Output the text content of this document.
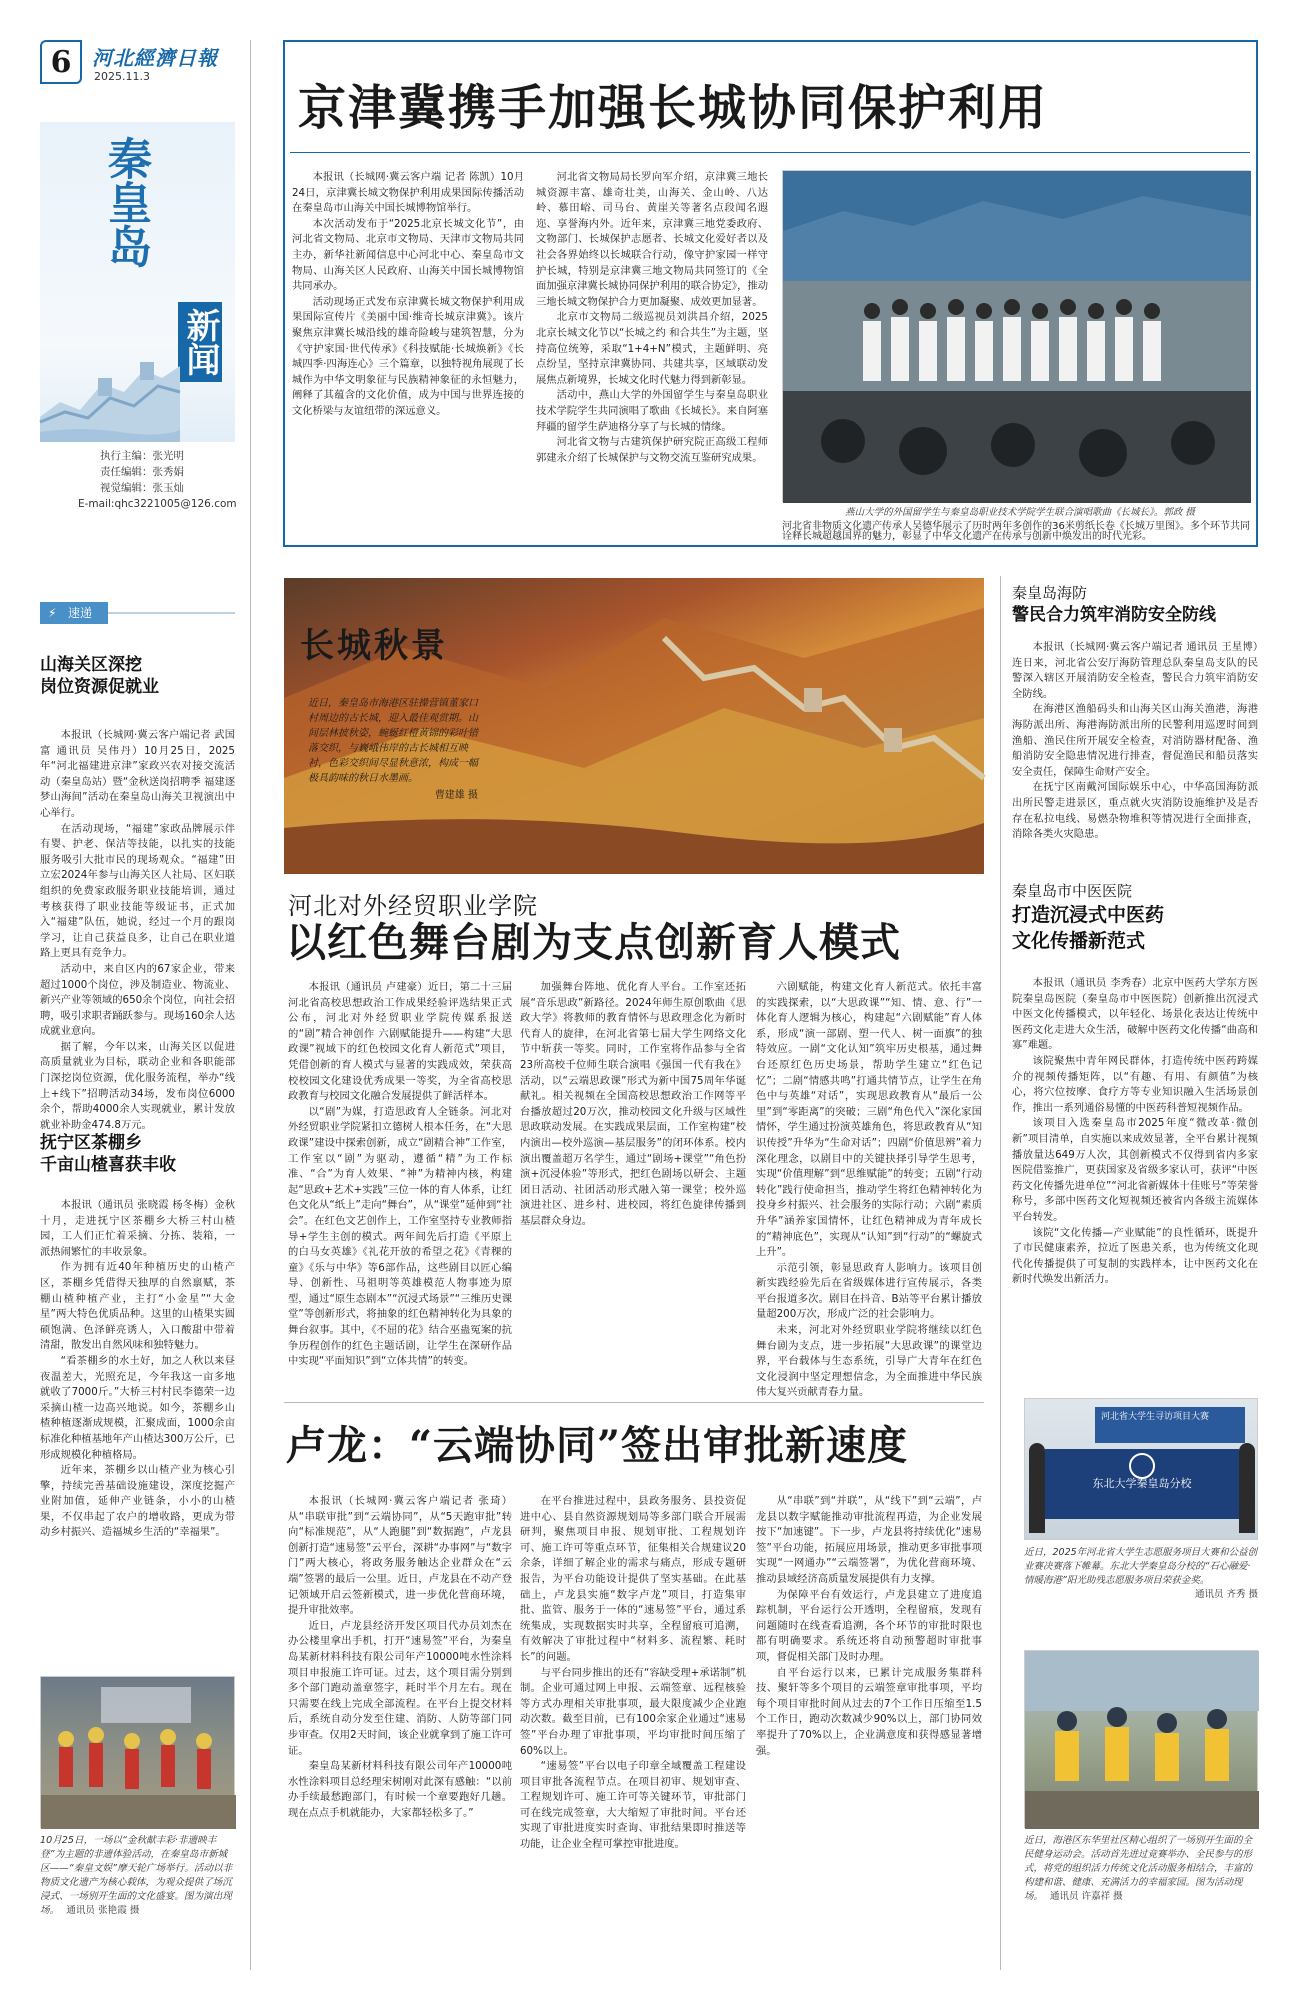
6	河北經濟日報
2025.11.3
秦皇岛
新闻
执行主编：张光明
责任编辑：张秀娟
视觉编辑：张玉灿
E-mail:qhc3221005@126.com
速递
⚡
山海关区深挖
岗位资源促就业

本报讯（长城网·冀云客户端记者 武国富 通讯员 吴伟丹）10月25日，2025年“河北福建进京津”家政兴农对接交流活动（秦皇岛站）暨“金秋送岗招聘季 福建逐梦山海间”活动在秦皇岛山海关卫视演出中心举行。

在活动现场，“福建”家政品牌展示伴有婴、护老、保洁等技能，以扎实的技能服务吸引大批市民的现场观众。“福建”田立宏2024年参与山海关区人社局、区妇联组织的免费家政服务职业技能培训，通过考核获得了职业技能等级证书，正式加入“福建”队伍，她说，经过一个月的跟岗学习，让自己获益良多，让自己在职业道路上更具有竞争力。

活动中，来自区内的67家企业，带来超过1000个岗位，涉及制造业、物流业、新兴产业等领域的650余个岗位，向社会招聘，吸引求职者踊跃参与。现场160余人达成就业意向。

据了解，今年以来，山海关区以促进高质量就业为目标，联动企业和各职能部门深挖岗位资源，优化服务流程，举办“线上+线下”招聘活动34场，发布岗位6000余个，帮助4000余人实现就业，累计发放就业补助金474.8万元。

抚宁区茶棚乡
千亩山楂喜获丰收

本报讯（通讯员 张晓霞 杨冬梅）金秋十月，走进抚宁区茶棚乡大桥三村山楂园，工人们正忙着采摘、分拣、装箱，一派热闹繁忙的丰收景象。

作为拥有近40年种植历史的山楂产区，茶棚乡凭借得天独厚的自然禀赋，茶棚山楂种植产业，主打“小金星”“大金星”两大特色优质品种。这里的山楂果实圆硕饱满、色泽鲜亮诱人，入口酸甜中带着清甜，散发出自然风味和独特魅力。

“看茶棚乡的水土好，加之人秋以来昼夜温差大，光照充足，今年我这一亩多地就收了7000斤。”大桥三村村民李德荣一边采摘山楂一边高兴地说。如今，茶棚乡山楂种植逐渐成规模，汇聚成面，1000余亩标准化种植基地年产山楂达300万公斤，已形成规模化种植格局。

近年来，茶棚乡以山楂产业为核心引擎，持续完善基础设施建设，深度挖掘产业附加值，延伸产业链条，小小的山楂果，不仅串起了农户的增收路，更成为带动乡村振兴、造福城乡生活的“幸福果”。

10月25日，一场以“金秋献丰彩·非遗映丰登”为主题的非遗体验活动，在秦皇岛市新城区——“秦皇文娱”摩天轮广场举行。活动以非物质文化遗产为核心载体，为观众提供了场沉浸式、一场别开生面的文化盛宴。图为演出现场。 通讯员 张艳霞 摄
京津冀携手加强长城协同保护利用

本报讯（长城网·冀云客户端 记者 陈凯）10月24日，京津冀长城文物保护利用成果国际传播活动在秦皇岛市山海关中国长城博物馆举行。

本次活动发布于“2025北京长城文化节”，由河北省文物局、北京市文物局、天津市文物局共同主办，新华社新闻信息中心河北中心、秦皇岛市文物局、山海关区人民政府、山海关中国长城博物馆共同承办。

活动现场正式发布京津冀长城文物保护利用成果国际宣传片《美丽中国·维奇长城京津冀》。该片聚焦京津冀长城沿线的雄奇险峻与建筑智慧，分为《守护家国·世代传承》《科技赋能·长城焕新》《长城四季·四海连心》三个篇章，以独特视角展现了长城作为中华文明象征与民族精神象征的永恒魅力，阐释了其蕴含的文化价值，成为中国与世界连接的文化桥梁与友谊纽带的深远意义。

河北省文物局局长罗向军介绍，京津冀三地长城资源丰富、雄奇壮美，山海关、金山岭、八达岭、慕田峪、司马台、黄崖关等著名点段闻名遐迩、享誉海内外。近年来，京津冀三地党委政府、文物部门、长城保护志愿者、长城文化爱好者以及社会各界始终以长城联合行动，像守护家园一样守护长城，特别是京津冀三地文物局共同签订的《全面加强京津冀长城协同保护利用的联合协定》，推动三地长城文物保护合力更加凝聚、成效更加显著。

北京市文物局二级巡视员刘洪昌介绍，2025北京长城文化节以“长城之约 和合共生”为主题，坚持高位统筹，采取“1+4+N”模式，主题鲜明、亮点纷呈，坚持京津冀协同、共建共享，区域联动发展焦点新境界，长城文化时代魅力得到新彰显。

活动中，燕山大学的外国留学生与秦皇岛职业技术学院学生共同演唱了歌曲《长城长》。来自阿塞拜疆的留学生萨迪格分享了与长城的情缘。

河北省文物与古建筑保护研究院正高级工程师郭建永介绍了长城保护与文物交流互鉴研究成果。

燕山大学的外国留学生与秦皇岛职业技术学院学生联合演唱歌曲《长城长》。郭政 摄
河北省非物质文化遗产传承人吴德华展示了历时两年多创作的36米剪纸长卷《长城万里图》。多个环节共同诠释长城超越国界的魅力，彰显了中华文化遗产在传承与创新中焕发出的时代光彩。
长城秋景
近日，秦皇岛市海港区驻操营镇董家口村周边的古长城，迎入最佳观赏期。山间层林披秋姿，蜿蜒红橙黄锦的彩叶错落交织，与巍峨伟岸的古长城相互映衬，色彩交织间尽显秋意浓，构成一幅极具韵味的秋日水墨画。
曹建雄 摄
河北对外经贸职业学院
以红色舞台剧为支点创新育人模式

本报讯（通讯员 卢建豪）近日，第二十三届河北省高校思想政治工作成果经验评选结果正式公布，河北对外经贸职业学院传媒系报送的“剧”精合神创作 六剧赋能提升——构建“大思政课”视域下的红色校园文化育人新范式”项目，凭借创新的育人模式与显著的实践成效，荣获高校校园文化建设优秀成果一等奖，为全省高校思政教育与校园文化融合发展提供了鲜活样本。

以“剧”为媒，打造思政育人全链条。河北对外经贸职业学院紧扣立德树人根本任务，在“大思政课”建设中探索创新，成立“剧精合神”工作室，工作室以“剧”为驱动，遵循“精”为工作标准、“合”为育人效果、“神”为精神内核，构建起“思政+艺术+实践”三位一体的育人体系，让红色文化从“纸上”走向“舞台”，从“课堂”延伸到“社会”。在红色文艺创作上，工作室坚持专业教师指导+学生主创的模式。两年间先后打造《平原上的白马女英雄》《礼花开放的希望之花》《青稞的童》《乐与中华》等6部作品，这些剧目以匠心编导、创新性、马祖明等英雄模范人物事迹为原型，通过“原生态剧本”“沉浸式场景”“三维历史课堂”等创新形式，将抽象的红色精神转化为具象的舞台叙事。其中，《不屈的花》结合巫蛊冤案的抗争历程创作的红色主题话剧，让学生在深研作品中实现“平面知识”到“立体共情”的转变。

加强舞台阵地、优化育人平台。工作室还拓展“音乐思政”新路径。2024年师生原创歌曲《思政大学》将教师的教育情怀与思政理念化为新时代育人的旋律，在河北省第七届大学生网络文化节中斩获一等奖。同时，工作室将作品参与全省23所高校千位师生联合演唱《强国一代有我在》活动，以“云端思政课”形式为新中国75周年华诞献礼。相关视频在全国高校思想政治工作网等平台播放超过20万次，推动校园文化升级与区域性思政联动发展。在实践成果层面，工作室构建“校内演出—校外巡演—基层服务”的闭环体系。校内演出覆盖超万名学生，通过“剧场+课堂”“角色扮演+沉浸体验”等形式，把红色剧场以研会、主题团日活动、社团活动形式融入第一课堂；校外巡演进社区、进乡村、进校园，将红色旋律传播到基层群众身边。

六剧赋能，构建文化育人新范式。依托丰富的实践探索，以“大思政课”“知、情、意、行”一体化育人逻辑为核心，构建起“六剧赋能”育人体系，形成“演一部剧、塑一代人、树一面旗”的独特效应。一剧“文化认知”筑牢历史根基，通过舞台还原红色历史场景，帮助学生建立“红色记忆”；二剧“情感共鸣”打通共情节点，让学生在角色中与英雄“对话”，实现思政教育从“最后一公里”到“零距离”的突破；三剧“角色代入”深化家国情怀，学生通过扮演英雄角色，将思政教育从“知识传授”升华为“生命对话”；四剧“价值思辨”着力深化理念，以剧目中的关键抉择引导学生思考，实现“价值理解”到“思维赋能”的转变；五剧“行动转化”践行使命担当，推动学生将红色精神转化为投身乡村振兴、社会服务的实际行动；六剧“素质升华”涵养家国情怀，让红色精神成为青年成长的“精神底色”，实现从“认知”到“行动”的“螺旋式上升”。

示范引领，彰显思政育人影响力。该项目创新实践经验先后在省级媒体进行宣传展示，各类平台报道多次。剧目在抖音、B站等平台累计播放量超200万次，形成广泛的社会影响力。

未来，河北对外经贸职业学院将继续以红色舞台剧为支点，进一步拓展“大思政课”的课堂边界，平台载体与生态系统，引导广大青年在红色文化浸润中坚定理想信念，为全面推进中华民族伟大复兴贡献青春力量。

卢龙：“云端协同”签出审批新速度

本报讯（长城网·冀云客户端记者 张琦）从“串联审批”到“云端协同”，从“5天跑审批”转向“标准规范”，从“人跑腿”到“数据跑”，卢龙县创新打造“速易签”云平台，深耕“办事网”与“数字门”两大核心，将政务服务触达企业群众在“云端”签署的最后一公里。近日，卢龙县在不动产登记领域开启云签新模式，进一步优化营商环境，提升审批效率。

近日，卢龙县经济开发区项目代办员刘杰在办公楼里拿出手机，打开“速易签”平台，为秦皇岛某新材料科技有限公司年产10000吨水性涂料项目申报施工许可证。过去，这个项目需分别到多个部门跑动盖章签字，耗时半个月左右。现在只需要在线上完成全部流程。在平台上提交材料后，系统自动分发至住建、消防、人防等部门同步审查。仅用2天时间，该企业就拿到了施工许可证。

秦皇岛某新材料科技有限公司年产10000吨水性涂料项目总经理宋树刚对此深有感触：“以前办手续最愁跑部门，有时候一个章要跑好几趟。现在点点手机就能办，大家都轻松多了。”

在平台推进过程中，县政务服务、县投资促进中心、县自然资源规划局等多部门联合开展需研判，聚焦项目申报、规划审批、工程规划许可、施工许可等重点环节，征集相关合规建议20余条，详细了解企业的需求与痛点，形成专题研报告，为平台功能设计提供了坚实基础。在此基础上，卢龙县实施“数字卢龙”项目，打造集审批、监管、服务于一体的“速易签”平台，通过系统集成，实现数据实时共享，全程留痕可追溯，有效解决了审批过程中“材料多、流程繁、耗时长”的问题。

与平台同步推出的还有“容缺受理+承诺制”机制。企业可通过网上申报、云端签章、远程核验等方式办理相关审批事项，最大限度减少企业跑动次数。截至目前，已有100余家企业通过“速易签”平台办理了审批事项，平均审批时间压缩了60%以上。

“速易签”平台以电子印章全域覆盖工程建设项目审批各流程节点。在项目初审、规划审查、工程规划许可、施工许可等关键环节，审批部门可在线完成签章，大大缩短了审批时间。平台还实现了审批进度实时查询、审批结果即时推送等功能，让企业全程可掌控审批进度。

从“串联”到“并联”，从“线下”到“云端”，卢龙县以数字赋能推动审批流程再造，为企业发展按下“加速键”。下一步，卢龙县将持续优化“速易签”平台功能，拓展应用场景，推动更多审批事项实现“一网通办”“云端签署”，为优化营商环境、推动县域经济高质量发展提供有力支撑。

为保障平台有效运行，卢龙县建立了进度追踪机制，平台运行公开透明，全程留痕，发现有问题随时在线查看追溯，各个环节的审批时限也都有明确要求。系统还将自动预警超时审批事项，督促相关部门及时办理。

自平台运行以来，已累计完成服务集群科技、聚轩等多个项目的云端签章审批事项，平均每个项目审批时间从过去的7个工作日压缩至1.5个工作日，跑动次数减少90%以上，部门协同效率提升了70%以上，企业满意度和获得感显著增强。

秦皇岛海防
警民合力筑牢消防安全防线

本报讯（长城网·冀云客户端记者 通讯员 王星博）连日来，河北省公安厅海防管理总队秦皇岛支队的民警深入辖区开展消防安全检查，警民合力筑牢消防安全防线。

在海港区渔船码头和山海关区山海关渔港，海港海防派出所、海港海防派出所的民警利用巡逻时间到渔船、渔民住所开展安全检查，对消防器材配备、渔船消防安全隐患情况进行排查，督促渔民和船员落实安全责任，保障生命财产安全。

在抚宁区南戴河国际娱乐中心，中华高国海防派出所民警走进景区，重点就火灾消防设施维护及是否存在私拉电线、易燃杂物堆积等情况进行全面排查，消除各类火灾隐患。

秦皇岛市中医医院
打造沉浸式中医药
文化传播新范式

本报讯（通讯员 李秀春）北京中医药大学东方医院秦皇岛医院（秦皇岛市中医医院）创新推出沉浸式中医文化传播模式，以年轻化、场景化表达让传统中医药文化走进大众生活，破解中医药文化传播“曲高和寡”难题。

该院聚焦中青年网民群体，打造传统中医药跨媒介的视频传播矩阵，以“有趣、有用、有颜值”为核心，将穴位按摩、食疗方等专业知识融入生活场景创作，推出一系列通俗易懂的中医药科普短视频作品。

该项目入选秦皇岛市2025年度“微改革·微创新”项目清单，自实施以来成效显著，全平台累计视频播放量达649万人次，其创新模式不仅得到省内多家医院借鉴推广，更获国家及省级多家认可，获评“中医药文化传播先进单位”“河北省新媒体十佳账号”等荣誉称号，多部中医药文化短视频还被省内各级主流媒体平台转发。

该院“文化传播—产业赋能”的良性循环，既提升了市民健康素养，拉近了医患关系，也为传统文化现代化传播提供了可复制的实践样本，让中医药文化在新时代焕发出新活力。

河北省大学生寻访项目大赛
东北大学秦皇岛分校
近日，2025年河北省大学生志愿服务项目大赛和公益创业赛决赛落下帷幕。东北大学秦皇岛分校的“石心融爱·情暖海港”阳光助残志愿服务项目荣获金奖。
通讯员 齐秀 摄
近日，海港区东华里社区精心组织了一场别开生面的全民健身运动会。活动首先进过竞赛举办、全民参与的形式，将党的组织活力传统文化活动服务相结合，丰富的构建和谐、健康、充满活力的幸福家园。图为活动现场。 通讯员 许嘉祥 摄
